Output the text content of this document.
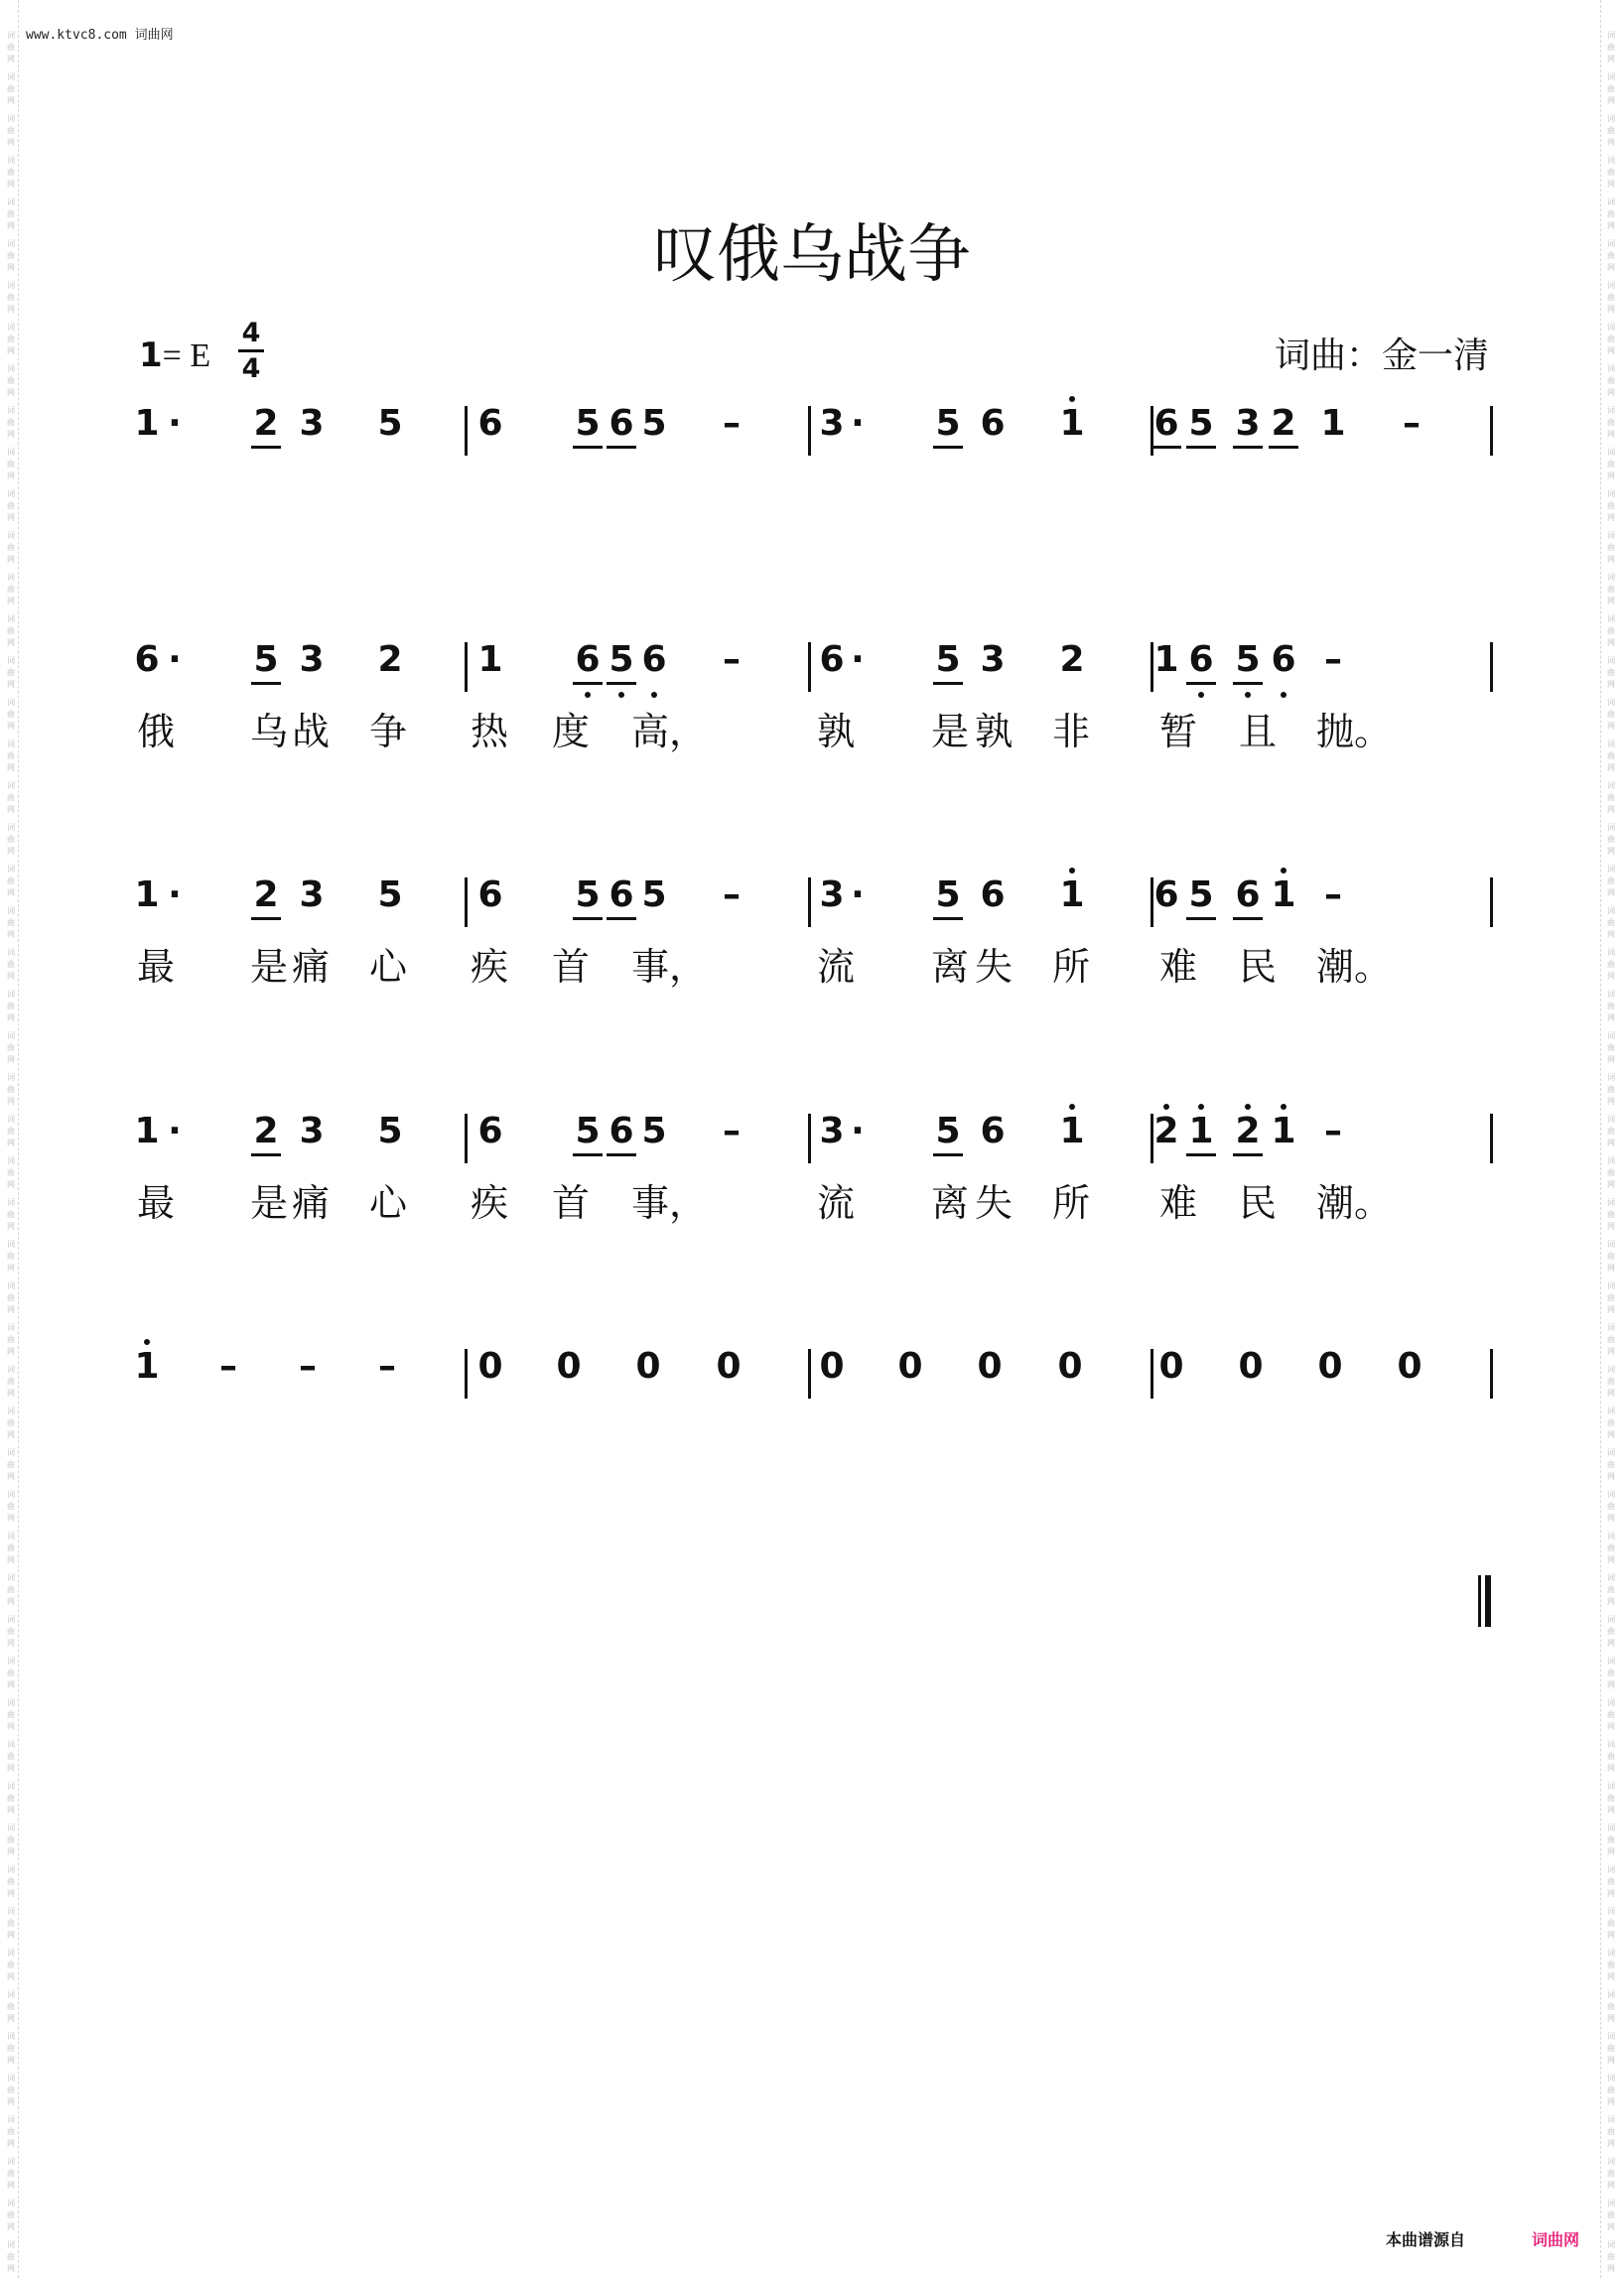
词曲网
词曲网
词曲网
词曲网
词曲网
词曲网
词曲网
词曲网
词曲网
词曲网
词曲网
词曲网
词曲网
词曲网
词曲网
词曲网
词曲网
词曲网
词曲网
词曲网
词曲网
词曲网
词曲网
词曲网
词曲网
词曲网
词曲网
词曲网
词曲网
词曲网
词曲网
词曲网
词曲网
词曲网
词曲网
词曲网
词曲网
词曲网
词曲网
词曲网
词曲网
词曲网
词曲网
词曲网
词曲网
词曲网
词曲网
词曲网
词曲网
词曲网
词曲网
词曲网
词曲网
词曲网
词曲网
词曲网
词曲网
词曲网
词曲网
词曲网
词曲网
词曲网
词曲网
词曲网
词曲网
词曲网
词曲网
词曲网
词曲网
词曲网
词曲网
词曲网
词曲网
词曲网
词曲网
词曲网
词曲网
词曲网
词曲网
词曲网
词曲网
词曲网
词曲网
词曲网
词曲网
词曲网
词曲网
词曲网
词曲网
词曲网
词曲网
词曲网
词曲网
词曲网
词曲网
词曲网
词曲网
词曲网
词曲网
词曲网
词曲网
词曲网
词曲网
词曲网
词曲网
词曲网
词曲网
词曲网
www.ktvc8.com 词曲网
叹俄乌战争
1= E
4
4	词曲：金一清
1 · 2 3 5 6 5 6 5 – 3 · 5 6 1 6 5 3 2 1 –
6 · 5 3 2 1 6 5 6 – 6 · 5 3 2 1 6 5 6 –
俄 乌 战 争 热 度 高，	孰 是 孰 非 暂 且 抛。
1 · 2 3 5 6 5 6 5 – 3 · 5 6 1 6 5 6 1 –
最 是 痛 心 疾 首 事，	流 离 失 所 难 民 潮。
1 · 2 3 5 6 5 6 5 – 3 · 5 6 1 2 1 2 1 –
最 是 痛 心 疾 首 事，	流 离 失 所 难 民 潮。
1 – – – 0 0 0 0 0 0 0 0 0 0 0 0
本曲谱源自	词曲网
